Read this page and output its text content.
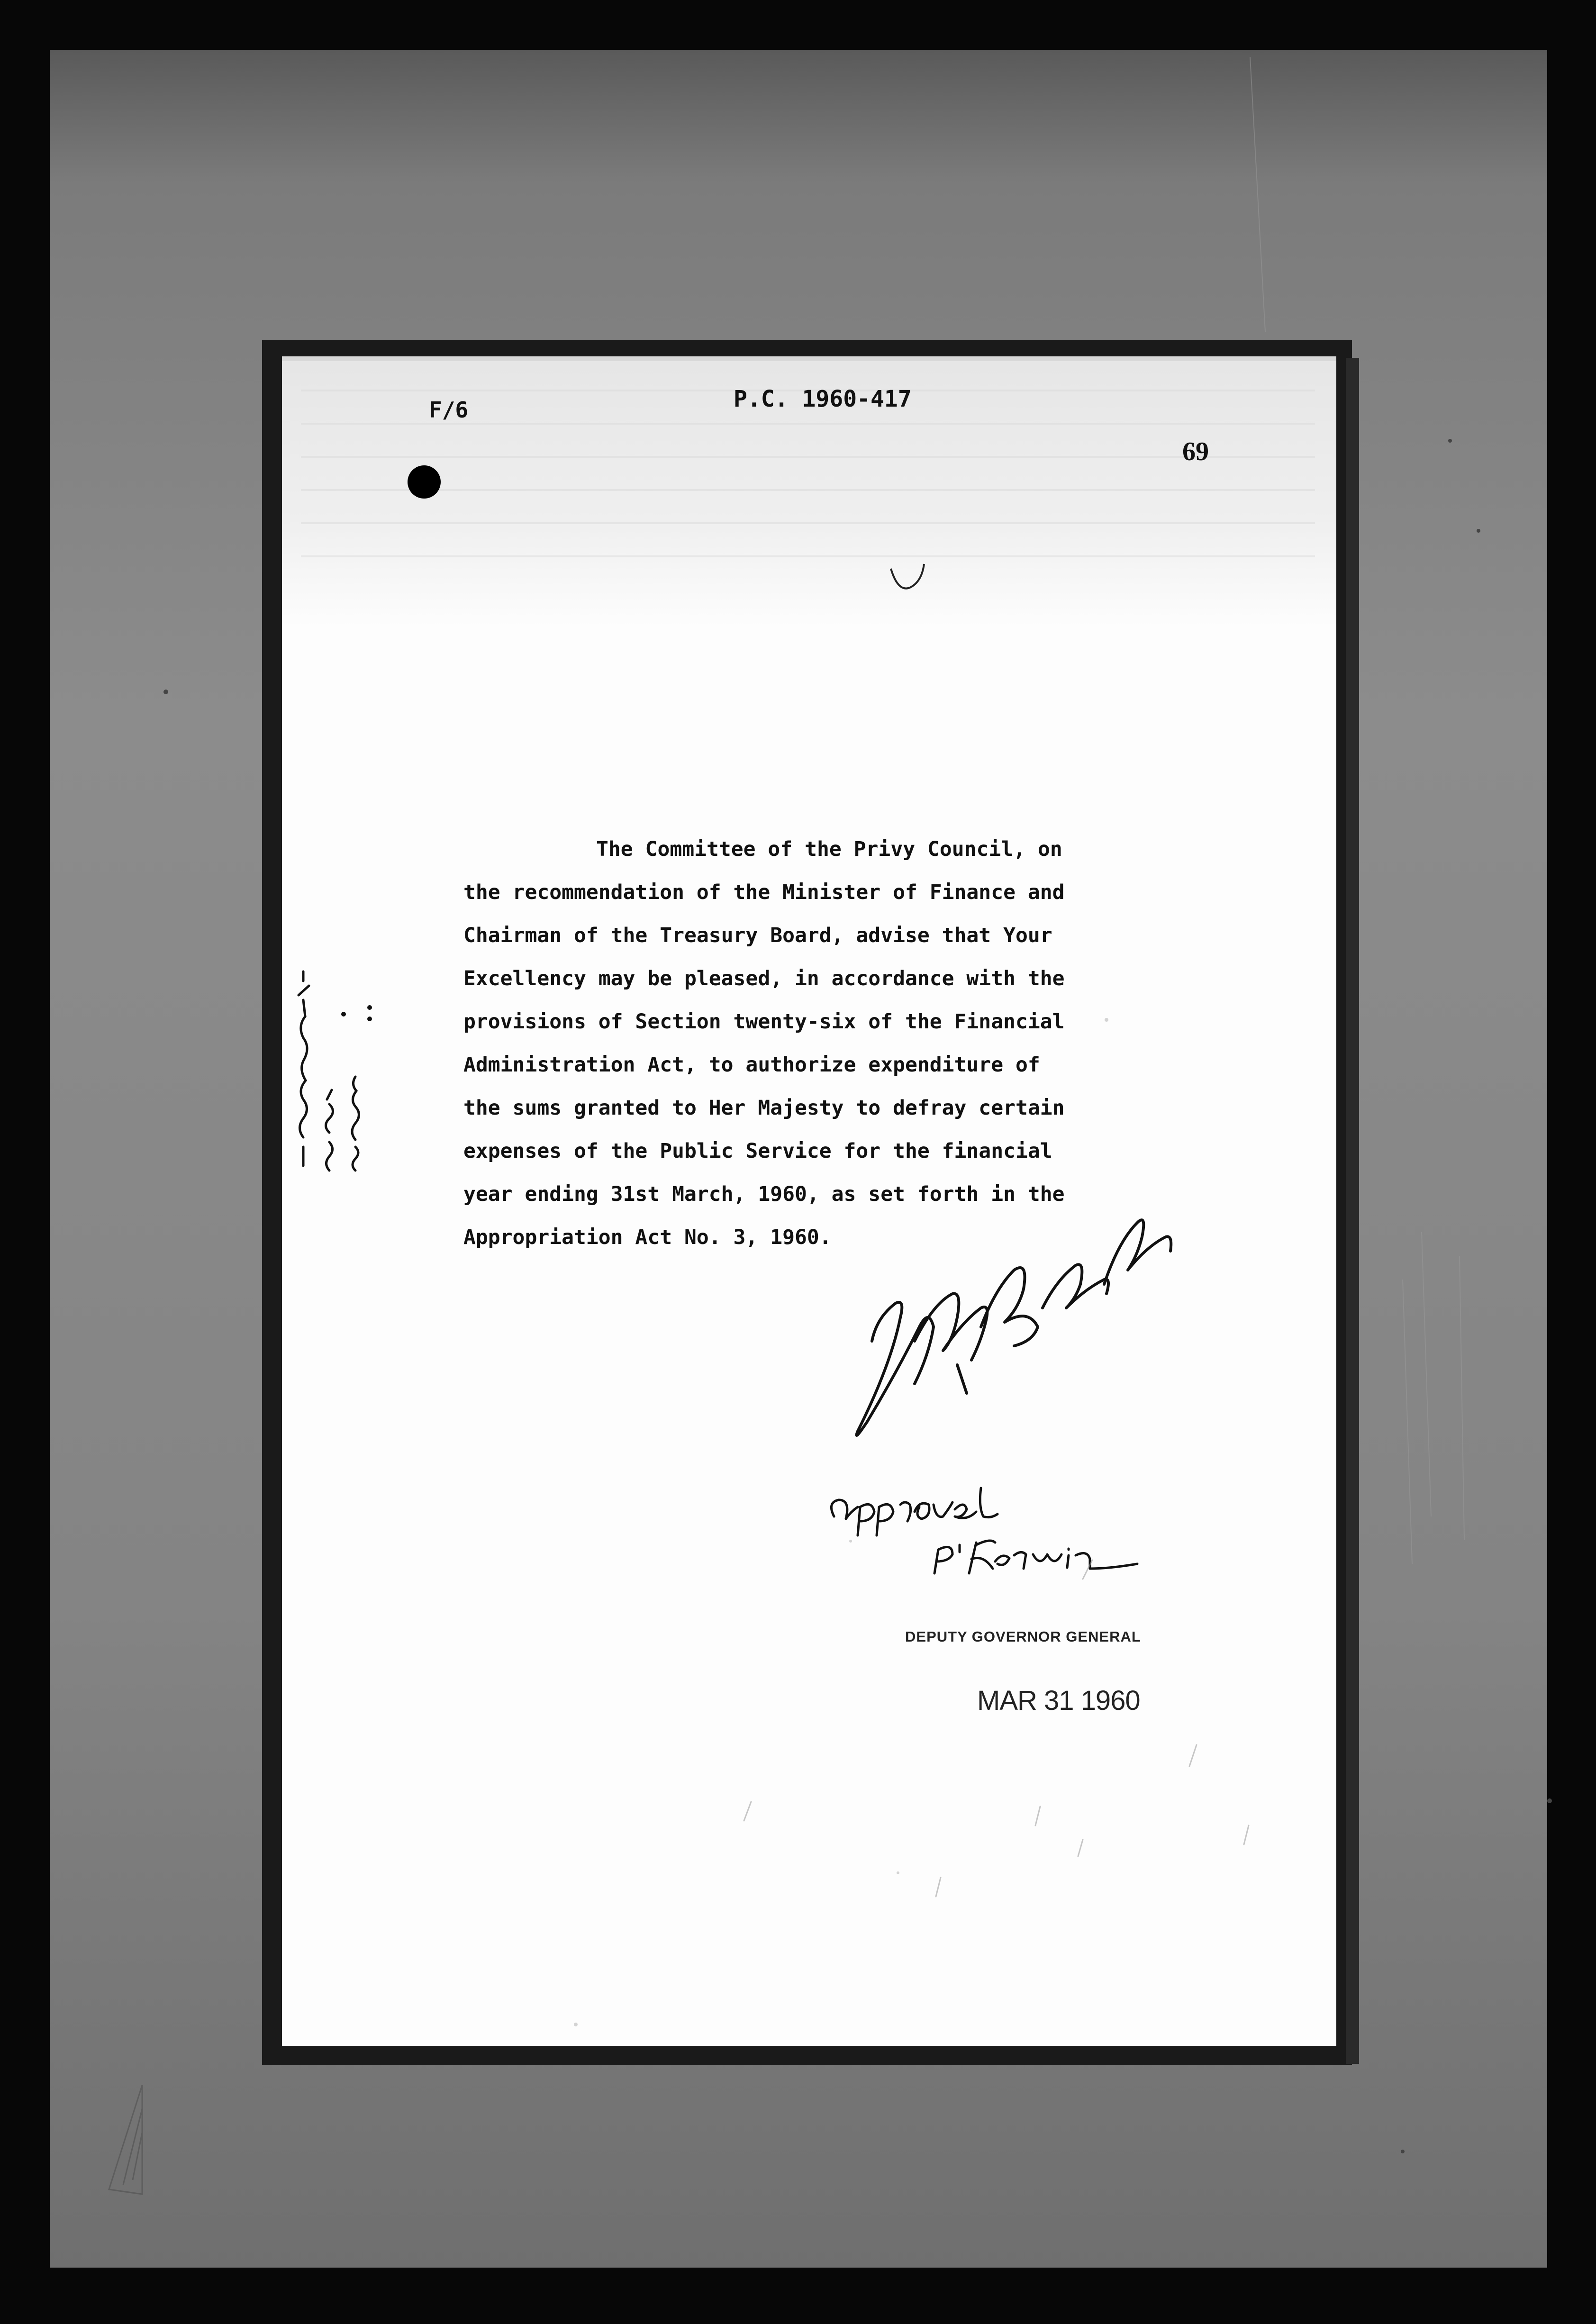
F/6	P.C. 1960-417
69
The Committee of the Privy Council, on
the recommendation of the Minister of Finance and
Chairman of the Treasury Board, advise that Your
Excellency may be pleased, in accordance with the
provisions of Section twenty-six of the Financial
Administration Act, to authorize expenditure of
the sums granted to Her Majesty to defray certain
expenses of the Public Service for the financial
year ending 31st March, 1960, as set forth in the
Appropriation Act No. 3, 1960.
DEPUTY GOVERNOR GENERAL
MAR 31 1960
